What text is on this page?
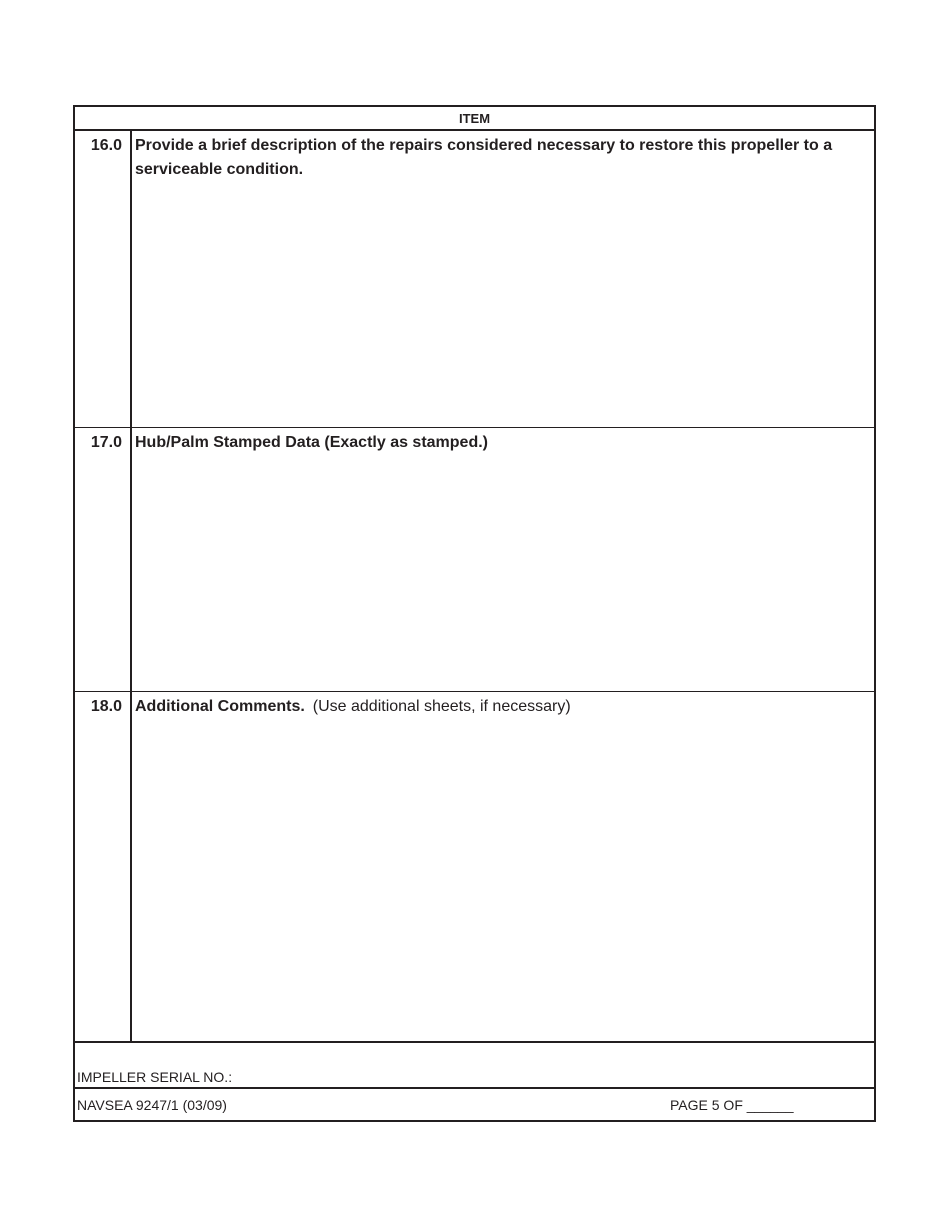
ITEM
16.0 Provide a brief description of the repairs considered necessary to restore this propeller to a serviceable condition.
17.0 Hub/Palm Stamped Data (Exactly as stamped.)
18.0 Additional Comments. (Use additional sheets, if necessary)
IMPELLER SERIAL NO.:
NAVSEA 9247/1 (03/09)	PAGE 5 OF ______
